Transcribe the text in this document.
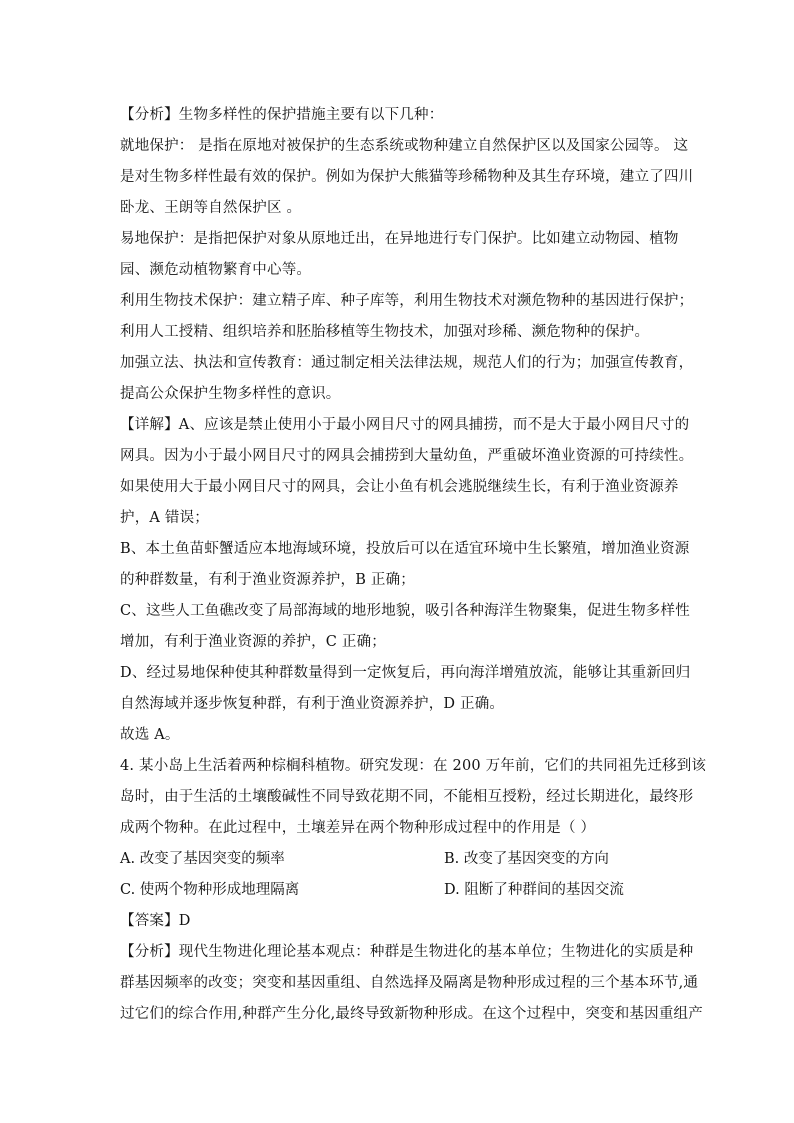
【分析】生物多样性的保护措施主要有以下几种：
就地保护： 是指在原地对被保护的生态系统或物种建立自然保护区以及国家公园等。 这
是对生物多样性最有效的保护。例如为保护大熊猫等珍稀物种及其生存环境，建立了四川
卧龙、王朗等自然保护区 。
易地保护：是指把保护对象从原地迁出，在异地进行专门保护。比如建立动物园、植物
园、濒危动植物繁育中心等。
利用生物技术保护：建立精子库、种子库等，利用生物技术对濒危物种的基因进行保护；
利用人工授精、组织培养和胚胎移植等生物技术，加强对珍稀、濒危物种的保护。
加强立法、执法和宣传教育：通过制定相关法律法规，规范人们的行为；加强宣传教育，
提高公众保护生物多样性的意识。
【详解】A、应该是禁止使用小于最小网目尺寸的网具捕捞，而不是大于最小网目尺寸的
网具。因为小于最小网目尺寸的网具会捕捞到大量幼鱼，严重破坏渔业资源的可持续性。
如果使用大于最小网目尺寸的网具，会让小鱼有机会逃脱继续生长，有利于渔业资源养
护，A 错误；
B、本土鱼苗虾蟹适应本地海域环境，投放后可以在适宜环境中生长繁殖，增加渔业资源
的种群数量，有利于渔业资源养护，B 正确；
C、这些人工鱼礁改变了局部海域的地形地貌，吸引各种海洋生物聚集，促进生物多样性
增加，有利于渔业资源的养护，C 正确；
D、经过易地保种使其种群数量得到一定恢复后，再向海洋增殖放流，能够让其重新回归
自然海域并逐步恢复种群，有利于渔业资源养护，D 正确。
故选 A。
4. 某小岛上生活着两种棕榈科植物。研究发现：在 200 万年前，它们的共同祖先迁移到该
岛时，由于生活的土壤酸碱性不同导致花期不同，不能相互授粉，经过长期进化，最终形
成两个物种。在此过程中，土壤差异在两个物种形成过程中的作用是（ ）
A. 改变了基因突变的频率	B. 改变了基因突变的方向
C. 使两个物种形成地理隔离	D. 阻断了种群间的基因交流
【答案】D
【分析】现代生物进化理论基本观点：种群是生物进化的基本单位；生物进化的实质是种
群基因频率的改变；突变和基因重组、自然选择及隔离是物种形成过程的三个基本环节,通
过它们的综合作用,种群产生分化,最终导致新物种形成。在这个过程中，突变和基因重组产
